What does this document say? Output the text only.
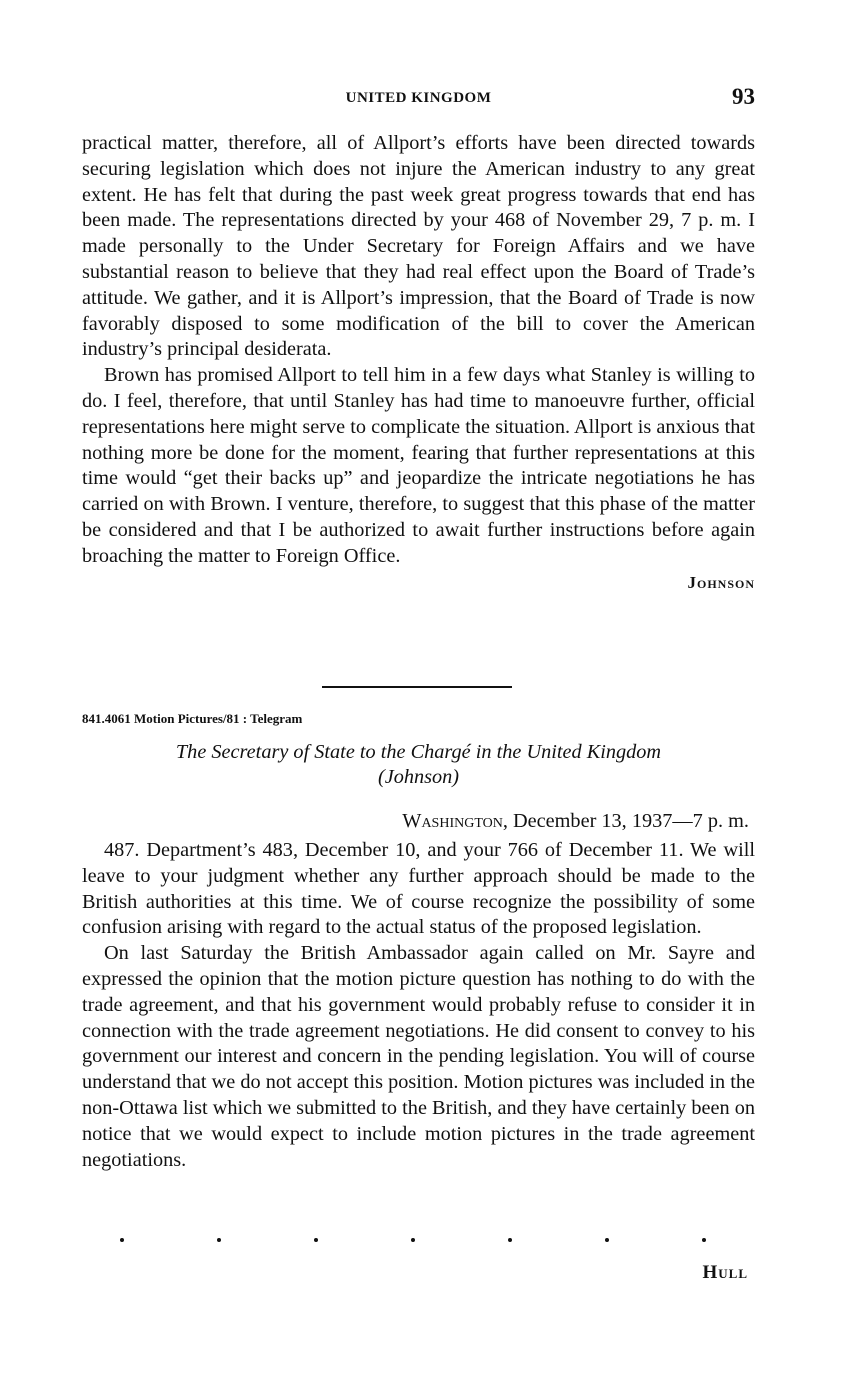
UNITED KINGDOM	93

practical matter, therefore, all of Allport’s efforts have been directed towards securing legislation which does not injure the American industry to any great extent. He has felt that during the past week great progress towards that end has been made. The representations directed by your 468 of November 29, 7 p. m. I made personally to the Under Secretary for Foreign Affairs and we have substantial reason to believe that they had real effect upon the Board of Trade’s attitude. We gather, and it is Allport’s impression, that the Board of Trade is now favorably disposed to some modification of the bill to cover the American industry’s principal desiderata.

Brown has promised Allport to tell him in a few days what Stanley is willing to do. I feel, therefore, that until Stanley has had time to manoeuvre further, official representations here might serve to complicate the situation. Allport is anxious that nothing more be done for the moment, fearing that further representations at this time would “get their backs up” and jeopardize the intricate negotiations he has carried on with Brown. I venture, therefore, to suggest that this phase of the matter be considered and that I be authorized to await further instructions before again broaching the matter to Foreign Office.

Johnson

841.4061 Motion Pictures/81 : Telegram
The Secretary of State to the Chargé in the United Kingdom
(Johnson)
Washington, December 13, 1937—7 p. m.

487. Department’s 483, December 10, and your 766 of December 11. We will leave to your judgment whether any further approach should be made to the British authorities at this time. We of course recognize the possibility of some confusion arising with regard to the actual status of the proposed legislation.

On last Saturday the British Ambassador again called on Mr. Sayre and expressed the opinion that the motion picture question has nothing to do with the trade agreement, and that his government would probably refuse to consider it in connection with the trade agreement negotiations. He did consent to convey to his government our interest and concern in the pending legislation. You will of course understand that we do not accept this position. Motion pictures was included in the non-Ottawa list which we submitted to the British, and they have certainly been on notice that we would expect to include motion pictures in the trade agreement negotiations.

Hull
